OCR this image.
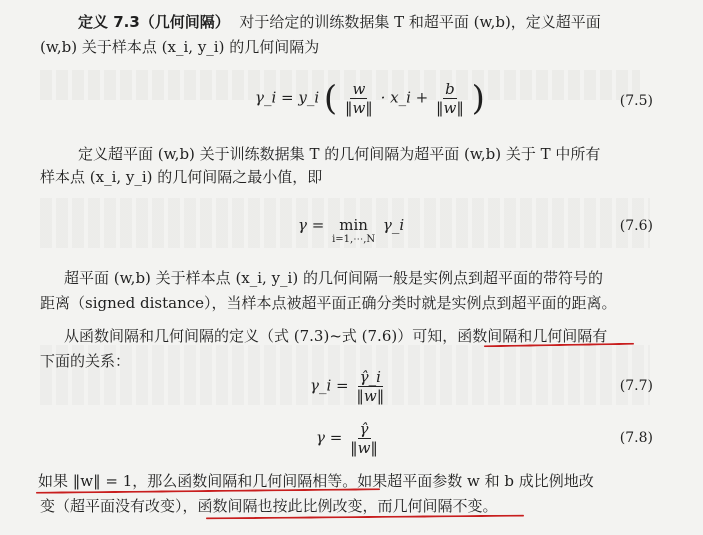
定义 7.3（几何间隔） 对于给定的训练数据集 T 和超平面 (w,b)，定义超平面
(w,b) 关于样本点 (x_i, y_i) 的几何间隔为
γ_i = y_i ( $\frac{w}{‖w‖}$ · x_i + $\frac{b}{‖w‖}$ )	(7.5)
定义超平面 (w,b) 关于训练数据集 T 的几何间隔为超平面 (w,b) 关于 T 中所有
样本点 (x_i, y_i) 的几何间隔之最小值，即
γ = min
i=1,⋯,N
γ_i	(7.6)
超平面 (w,b) 关于样本点 (x_i, y_i) 的几何间隔一般是实例点到超平面的带符号的
距离（signed distance），当样本点被超平面正确分类时就是实例点到超平面的距离。
从函数间隔和几何间隔的定义（式 (7.3)~式 (7.6)）可知，函数间隔和几何间隔有
下面的关系：
γ_i = $\frac{\gammâ\_i}{‖w‖}$	(7.7)
$\gamma = \frac{\gammâ}{‖w‖}$	(7.8)
如果 ‖w‖ = 1，那么函数间隔和几何间隔相等。如果超平面参数 w 和 b 成比例地改
变（超平面没有改变），函数间隔也按此比例改变，而几何间隔不变。
